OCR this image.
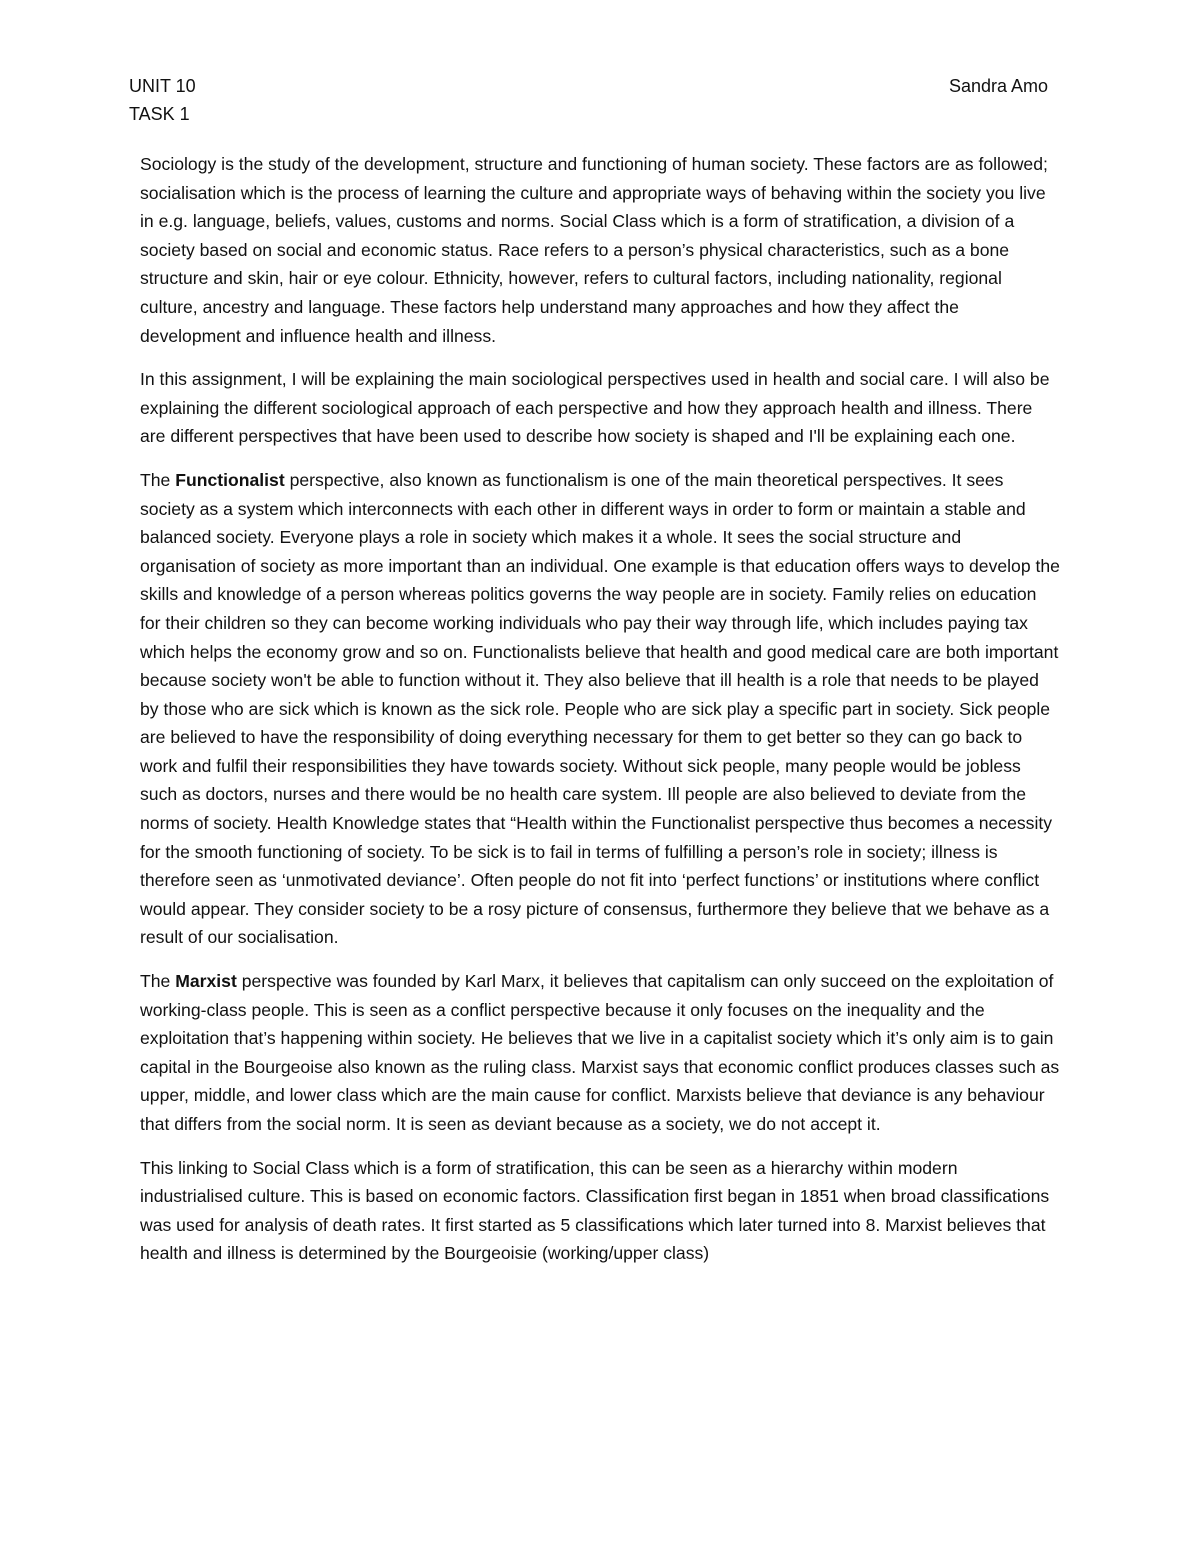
UNIT 10
TASK 1
Sandra Amo

Sociology is the study of the development, structure and functioning of human society. These factors are as followed; socialisation which is the process of learning the culture and appropriate ways of behaving within the society you live in e.g. language, beliefs, values, customs and norms. Social Class which is a form of stratification, a division of a society based on social and economic status. Race refers to a person’s physical characteristics, such as a bone structure and skin, hair or eye colour. Ethnicity, however, refers to cultural factors, including nationality, regional culture, ancestry and language. These factors help understand many approaches and how they affect the development and influence health and illness.

In this assignment, I will be explaining the main sociological perspectives used in health and social care. I will also be explaining the different sociological approach of each perspective and how they approach health and illness. There are different perspectives that have been used to describe how society is shaped and I'll be explaining each one.

The Functionalist perspective, also known as functionalism is one of the main theoretical perspectives. It sees society as a system which interconnects with each other in different ways in order to form or maintain a stable and balanced society. Everyone plays a role in society which makes it a whole. It sees the social structure and organisation of society as more important than an individual. One example is that education offers ways to develop the skills and knowledge of a person whereas politics governs the way people are in society. Family relies on education for their children so they can become working individuals who pay their way through life, which includes paying tax which helps the economy grow and so on. Functionalists believe that health and good medical care are both important because society won't be able to function without it. They also believe that ill health is a role that needs to be played by those who are sick which is known as the sick role. People who are sick play a specific part in society. Sick people are believed to have the responsibility of doing everything necessary for them to get better so they can go back to work and fulfil their responsibilities they have towards society. Without sick people, many people would be jobless such as doctors, nurses and there would be no health care system. Ill people are also believed to deviate from the norms of society. Health Knowledge states that “Health within the Functionalist perspective thus becomes a necessity for the smooth functioning of society. To be sick is to fail in terms of fulfilling a person’s role in society; illness is therefore seen as ‘unmotivated deviance’. Often people do not fit into ‘perfect functions’ or institutions where conflict would appear. They consider society to be a rosy picture of consensus, furthermore they believe that we behave as a result of our socialisation.

The Marxist perspective was founded by Karl Marx, it believes that capitalism can only succeed on the exploitation of working-class people. This is seen as a conflict perspective because it only focuses on the inequality and the exploitation that’s happening within society. He believes that we live in a capitalist society which it’s only aim is to gain capital in the Bourgeoise also known as the ruling class. Marxist says that economic conflict produces classes such as upper, middle, and lower class which are the main cause for conflict. Marxists believe that deviance is any behaviour that differs from the social norm. It is seen as deviant because as a society, we do not accept it.

This linking to Social Class which is a form of stratification, this can be seen as a hierarchy within modern industrialised culture. This is based on economic factors. Classification first began in 1851 when broad classifications was used for analysis of death rates. It first started as 5 classifications which later turned into 8. Marxist believes that health and illness is determined by the Bourgeoisie (working/upper class)
